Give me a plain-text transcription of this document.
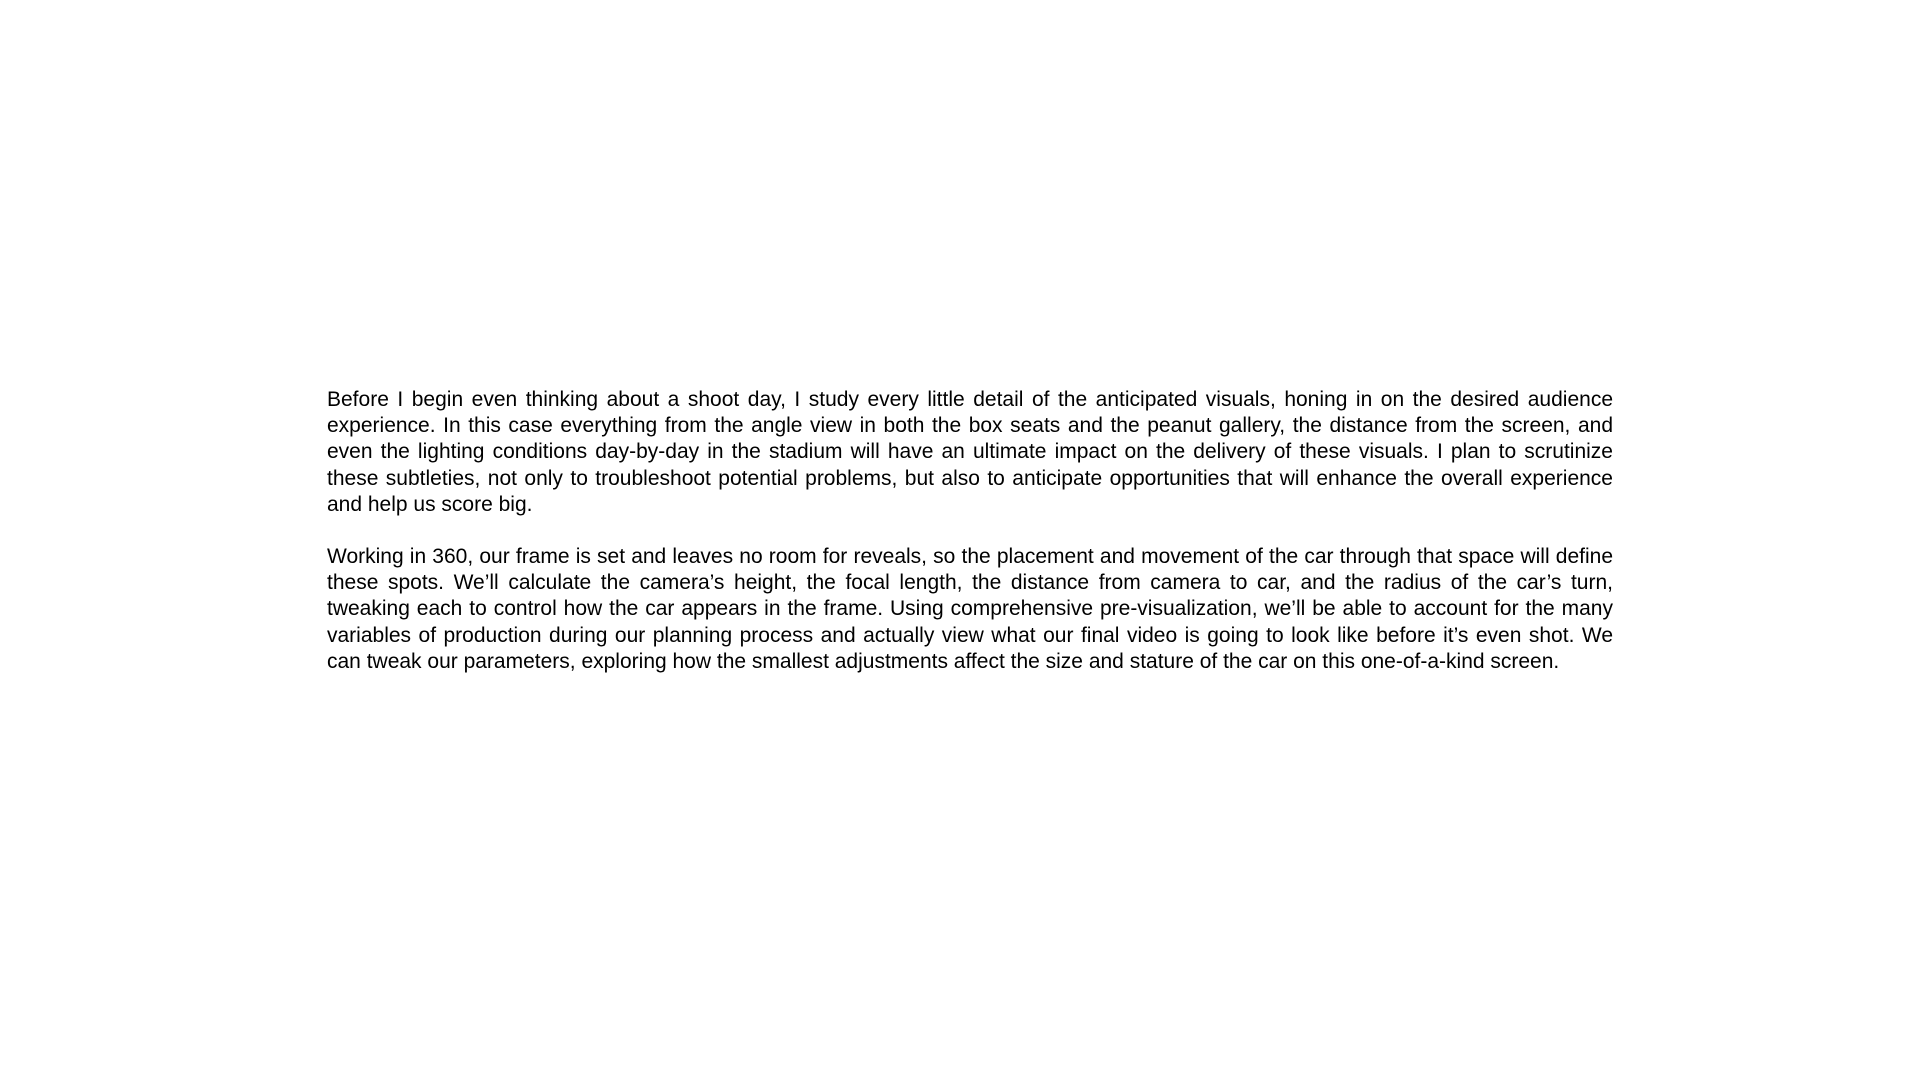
Before I begin even thinking about a shoot day, I study every little detail of the anticipated visuals, honing in on the desired audience experience. In this case everything from the angle view in both the box seats and the peanut gallery, the distance from the screen, and even the lighting conditions day-by-day in the stadium will have an ultimate impact on the delivery of these visuals. I plan to scrutinize these subtleties, not only to troubleshoot potential problems, but also to anticipate opportunities that will enhance the overall experience and help us score big.

Working in 360, our frame is set and leaves no room for reveals, so the placement and movement of the car through that space will define these spots. We’ll calculate the camera’s height, the focal length, the distance from camera to car, and the radius of the car’s turn, tweaking each to control how the car appears in the frame. Using comprehensive pre-visualization, we’ll be able to account for the many variables of production during our planning process and actually view what our final video is going to look like before it’s even shot. We can tweak our parameters, exploring how the smallest adjustments affect the size and stature of the car on this one-of-a-kind screen.
